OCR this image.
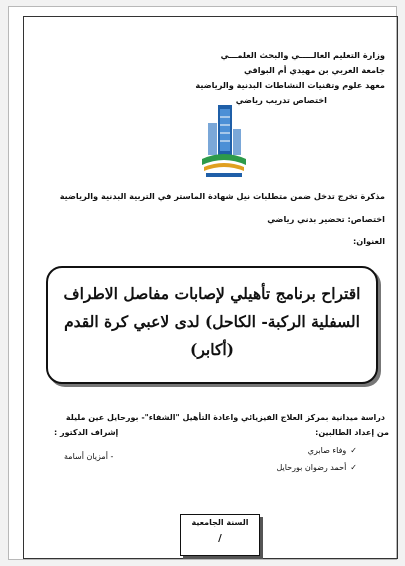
وزارة التعليم العالـــــي والبحث العلمـــي
جامعة العربي بن مهيدي أم البواقي
معهد علوم وتقنيات النشاطات البدنية والرياضية
اختصاص تدريب رياضي
مذكرة تخرج تدخل ضمن متطلبات نيل شهادة الماستر في التربية البدنية والرياضية
اختصاص: تحضير بدني رياضي
العنوان:
اقتراح برنامج تأهيلي لإصابات مفاصل الاطراف
السفلية الركبة- الكاحل) لدى لاعبي كرة القدم
(أكابر)
دراسة ميدانية بمركز العلاج الفيزيائي واعادة التأهيل "الشفاء"- بورحايل عين مليلة
من إعداد الطالبين:
✓وفاء صابري
✓أحمد رضوان بورحايل
إشراف الدكتور :
- أمزيان أسامة
السنة الجامعية
/
